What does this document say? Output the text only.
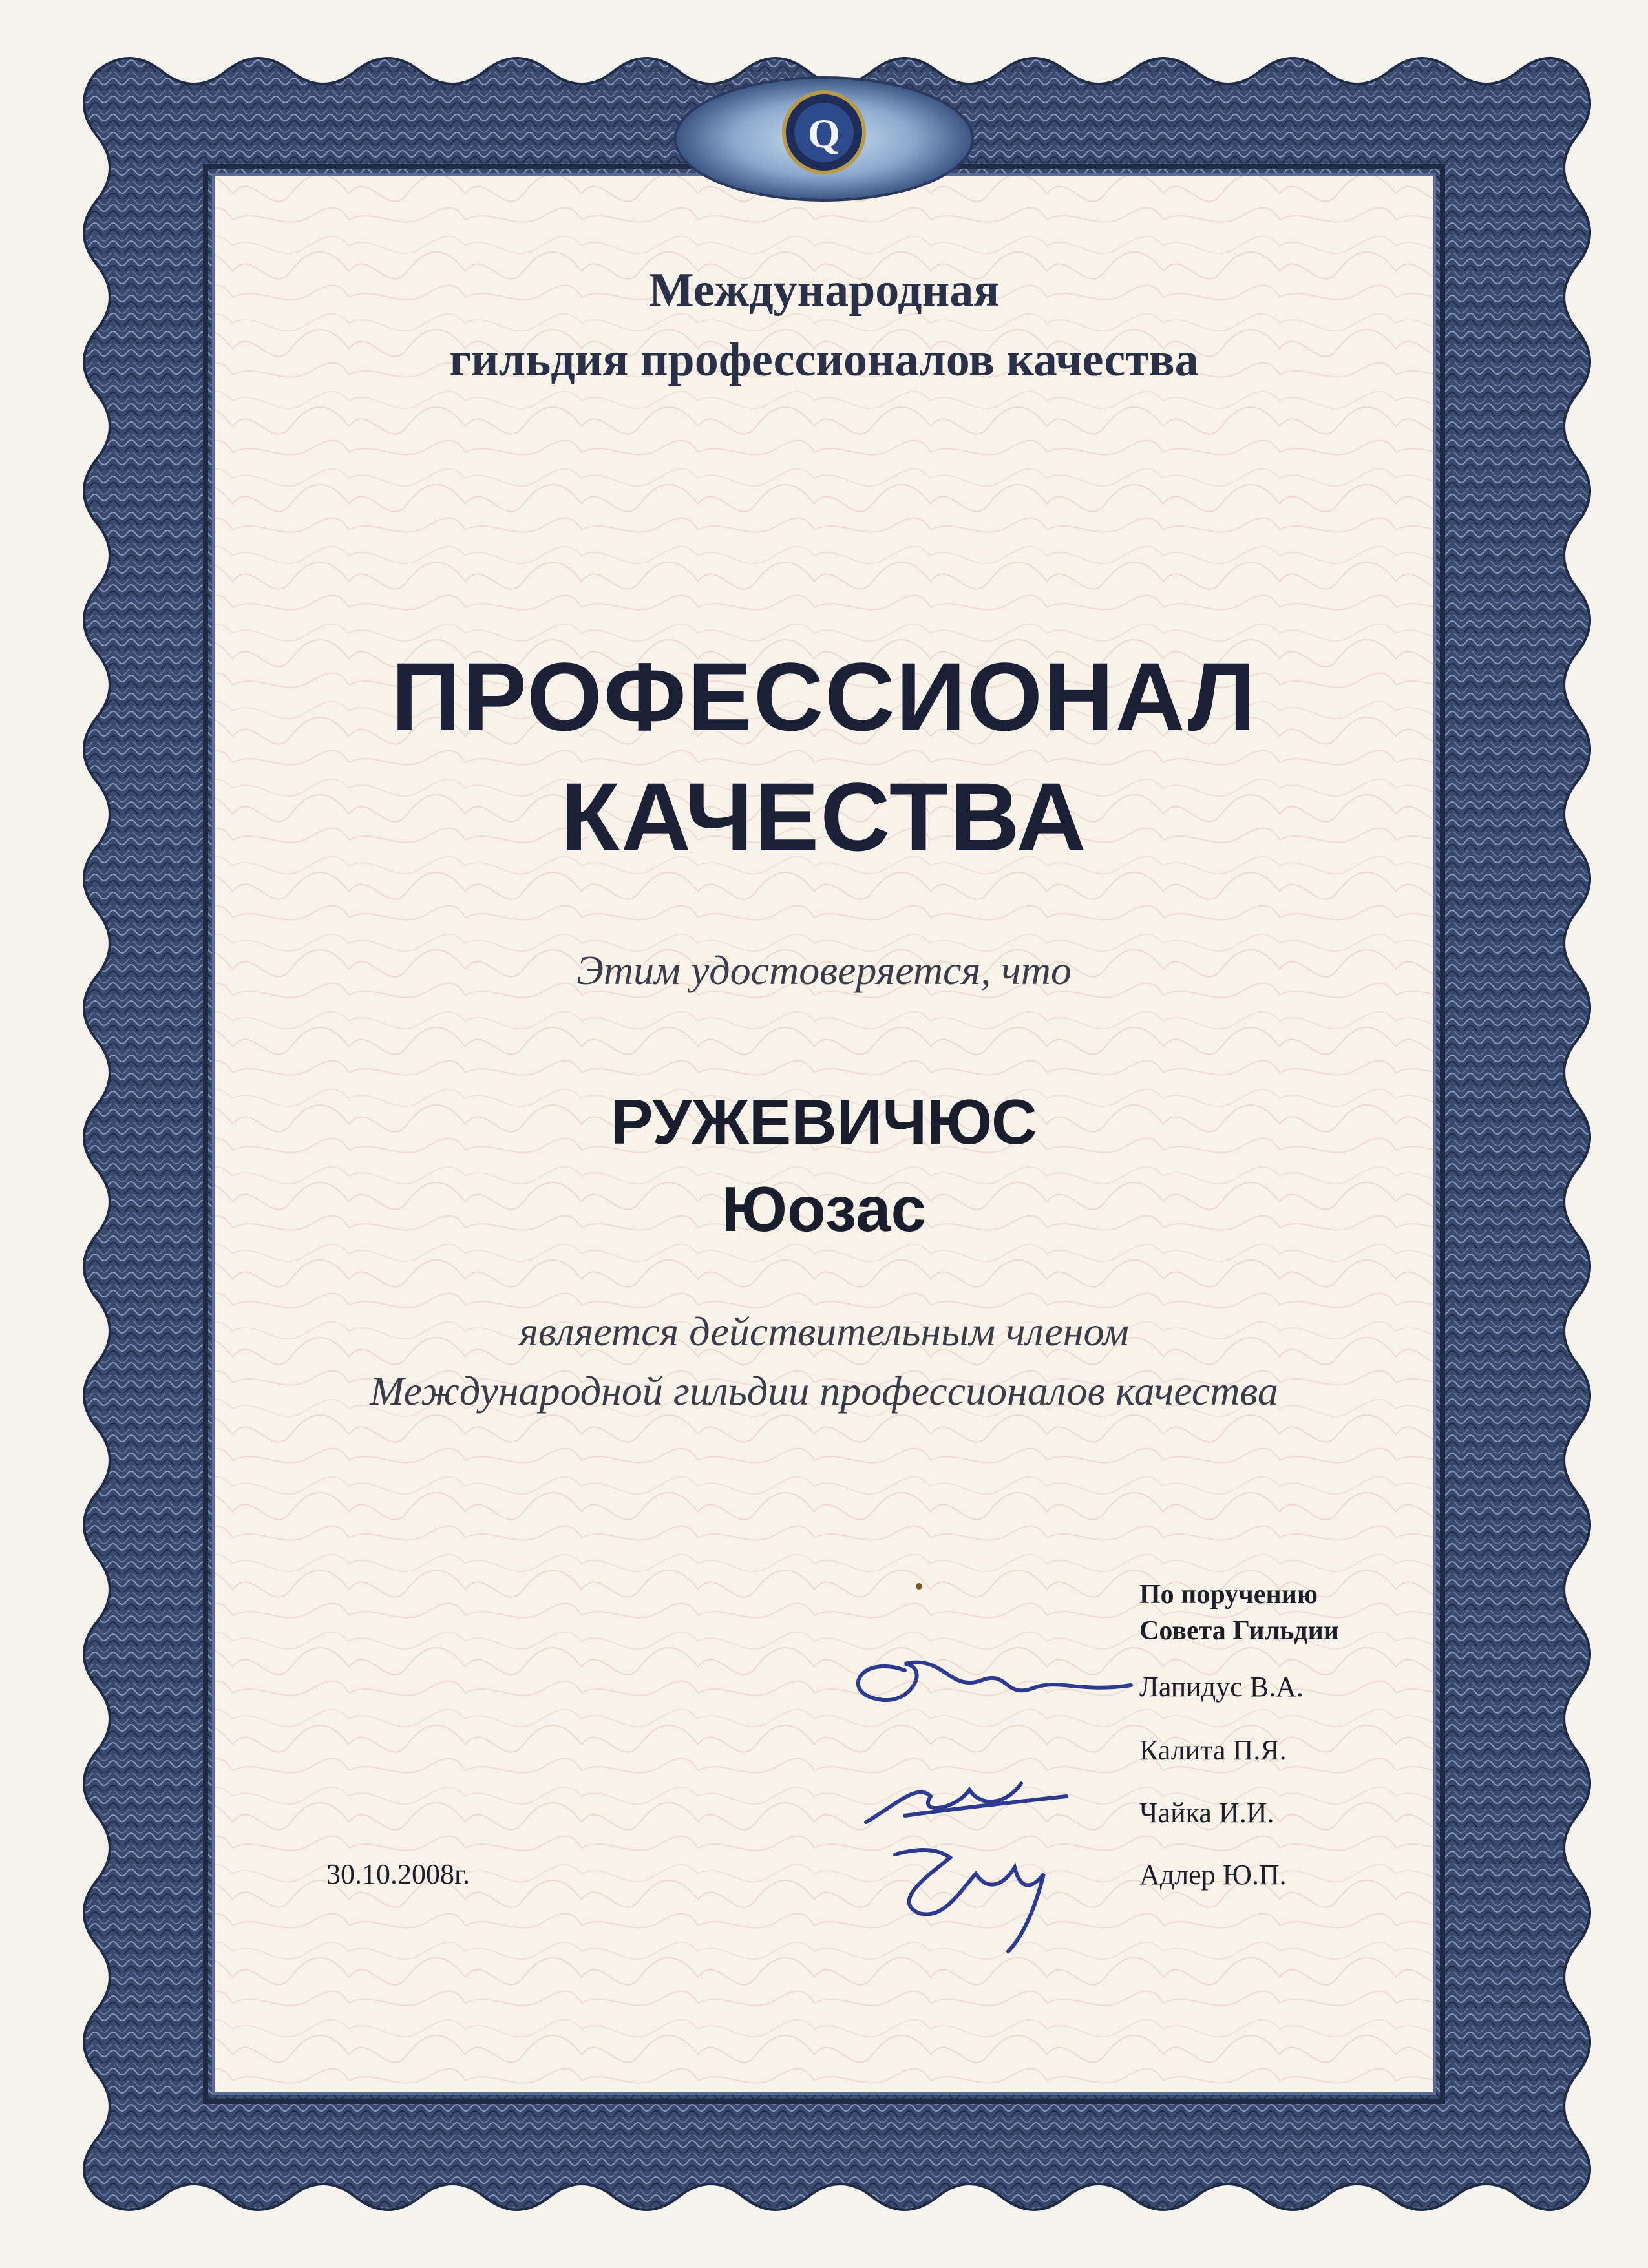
Q
Международная
гильдия профессионалов качества
ПРОФЕССИОНАЛ
КАЧЕСТВА
Этим удостоверяется, что
РУЖЕВИЧЮС
Юозас
является действительным членом
Международной гильдии профессионалов качества
По поручению
Совета Гильдии
Лапидус В.А.
Калита П.Я.
Чайка И.И.
Адлер Ю.П.
30.10.2008г.
